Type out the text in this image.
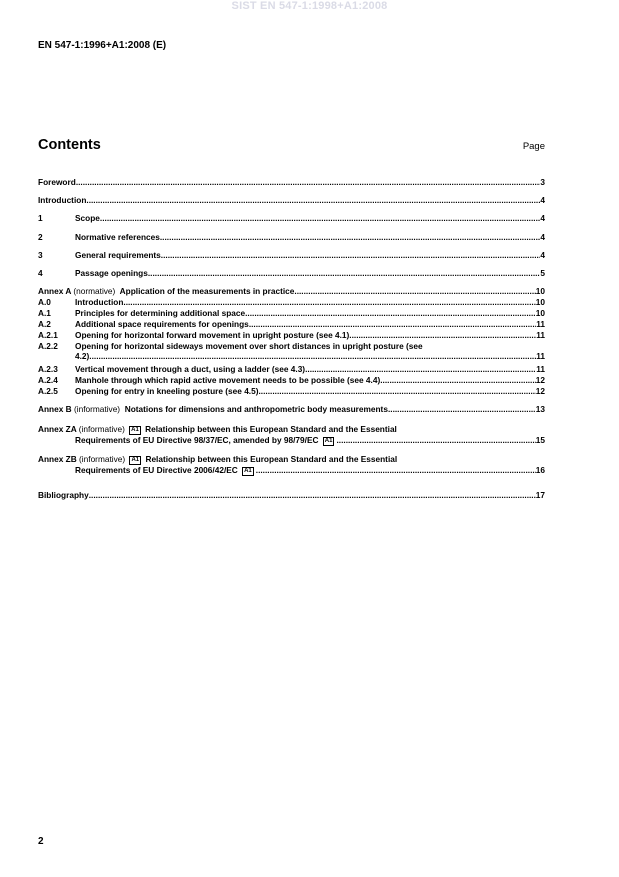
SIST EN 547-1:1998+A1:2008
EN 547-1:1996+A1:2008 (E)
Contents	Page
Foreword .....	3
Introduction .....	4
1	Scope .....	4
2	Normative references .....	4
3	General requirements .....	4
4	Passage openings .....	5
Annex A (normative) Application of the measurements in practice .....	10
A.0	Introduction .....	10
A.1	Principles for determining additional space .....	10
A.2	Additional space requirements for openings .....	11
A.2.1	Opening for horizontal forward movement in upright posture (see 4.1) .....	11
A.2.2	Opening for horizontal sideways movement over short distances in upright posture (see
4.2) .....	11
A.2.3	Vertical movement through a duct, using a ladder (see 4.3) .....	11
A.2.4	Manhole through which rapid active movement needs to be possible (see 4.4) .....	12
A.2.5	Opening for entry in kneeling posture (see 4.5) .....	12
Annex B (informative) Notations for dimensions and anthropometric body measurements .....	13
Annex ZA (informative) A1 Relationship between this European Standard and the Essential
Requirements of EU Directive 98/37/EC, amended by 98/79/EC A1 .....	15
Annex ZB (informative) A1 Relationship between this European Standard and the Essential
Requirements of EU Directive 2006/42/EC A1 .....	16
Bibliography .....	17
2
